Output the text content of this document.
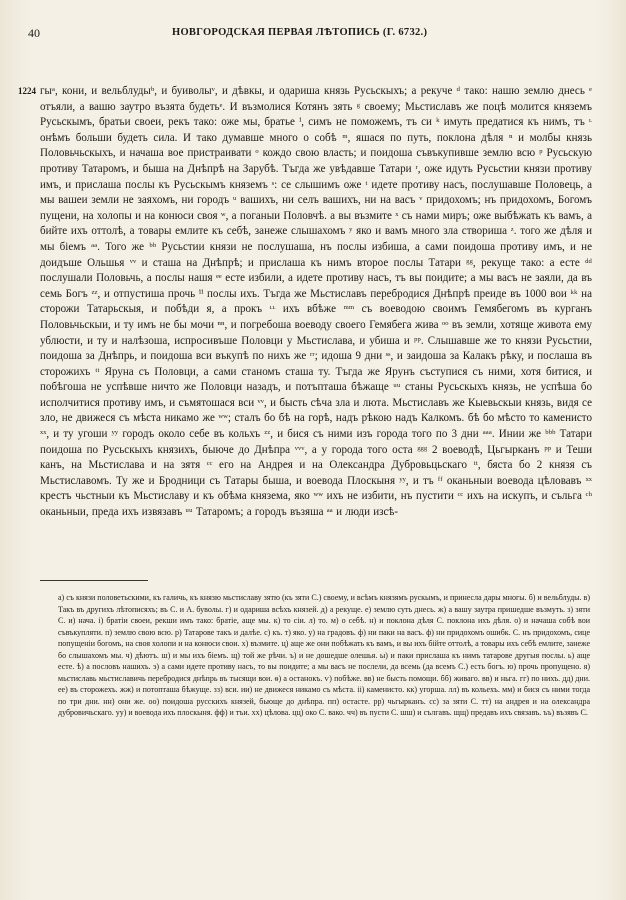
40	НОВГОРОДСКАЯ ПЕРВАЯ ЛѢТОПИСЬ (Г. 6732.)
1224 гыᵃ, кони, и вельблудыᵇ, и буиволыᵛ, и дѣвкы, и одариша князь Русьскыхъ; а рекуче ᵈ тако: нашю землю днесь ᵉ отъяли, а вашю заутро възята будетьᵉ. И възмолися Котянъ зять ᵍ своему; Мьстиславъ же поцѣ молится княземъ Русьскымъ, братьи своеи, рекъ тако: оже мы, братье ⁱ, симъ не поможемъ, тъ си ᵏ имуть предатися къ нимъ, тъ ᶫ онѣмъ больши будеть сила. И тако думавше много о собѣ ᵐ, яшася по путь, поклона дѣля ⁿ и молбы князь Половьчьскыхъ, и начаша вое пристраивати ᵒ кождо свою власть; и поидоша съвъкупивше землю всю ᵖ Русьскую противу Татаромъ, и быша на Днѣпрѣ на Зарубѣ. Тъгда же увѣдавше Татари ʳ, оже идуть Русьстии князи противу имъ, и прислаша послы къ Русьскымъ княземъ ˢ: се слышимъ оже ᵗ идете противу насъ, послушавше Половець, а мы вашеи земли не заяхомъ, ни городъ ᵘ вашихъ, ни селъ вашихъ, ни на васъ ᵛ придохомъ; нъ придохомъ, Богомъ пущени, на холопы и на конюси своя ʷ, а поганыи Половчѣ. а вы възмите ˣ съ нами миръ; оже выбѣжать къ вамъ, а бийте ихъ оттолѣ, а товары емлите къ себѣ, занеже слышахомъ ʸ яко и вамъ много зла створиша ᶻ. того же дѣля и мы біемъ ᵃᵃ. Того же ᵇᵇ Русьстии князи не послушаша, нъ послы избиша, а сами поидоша противу имъ, и не доидъше Ольшья ᵛᵛ и сташа на Днѣпрѣ; и прислаша къ нимъ второе послы Татари ᵍᵍ, рекуще тако: а есте ᵈᵈ послушали Половьчь, а послы нашя ᵉᵉ есте избили, а идете противу насъ, тъ вы поидите; а мы васъ не заяли, да въ семь Богъ ᶻᶻ, и отпустиша прочь ⁱⁱ послы ихъ. Тъгда же Мьстиславъ перебродися Днѣпрѣ преиде въ 1000 вои ᵏᵏ на сторожи Татарьскыя, и побѣди я, а прокъ ᶫᶫ ихъ вбѣже ᵐᵐ съ воеводою своимъ Гемябегомъ въ курганъ Половьчьскыи, и ту имъ не бы мочи ⁿⁿ, и погребоша воеводу своего Гемябега жива ᵒᵒ въ земли, хотяще живота ему ублюсти, и ту и налѣзоша, испросивъше Половци у Мьстислава, и убиша и ᵖᵖ. Слышавше же то князи Русьстии, поидоша за Днѣпрь, и поидоша вси въкупѣ по нихъ же ʳʳ; идоша 9 дни ˢˢ, и заидоша за Калакъ рѣку, и послаша въ сторожихъ ᵗᵗ Яруна съ Половци, а сами станомъ сташа ту. Тъгда же Ярунъ съступися съ ними, хотя битися, и побѣгоша не успѣвше ничто же Половци назадъ, и потъпташа бѣжаще ᵘᵘ станы Русьскыхъ князь, не успѣша бо исполчитися противу имъ, и съмятошася вси ᵛᵛ, и бысть сѣча зла и люта. Мьстиславъ же Кыевьскыи князь, видя се зло, не движеся съ мѣста никамо же ʷʷ; сталъ бо бѣ на горѣ, надъ рѣкою надъ Калкомъ. бѣ бо мѣсто то каменисто ˣˣ, и ту угоши ʸʸ городъ около себе въ кольхъ ᶻᶻ, и бися съ ними изъ города того по 3 дни ᵃᵃᵃ. Инии же ᵇᵇᵇ Татари поидоша по Русьскыхъ князихъ, быюче до Днѣпра ᵛᵛᵛ, а у города того оста ᵍᵍᵍ 2 воеводѣ, Цьгырканъ ᵖᵖ и Теши канъ, на Мьстислава и на зятя ᶜᶜ его на Андрея и на Олександра Дубровьцьскаго ᵗᵗ, бяста бо 2 князя съ Мьстиславомъ. Ту же и Бродници съ Татары быша, и воевода Плоскыня ʸʸ, и тъ ᶠᶠ оканьныи воевода цѣловавъ ˣˣ крестъ чьстныи къ Мьстиславу и къ обѣма князема, яко ʷʷ ихъ не избити, нъ пустити ᶜᶜ ихъ на искупъ, и съльга ᶜʰ оканьныи, преда ихъ извязавъ ᵘᵘ Татаромъ; а городъ възяша ᵃᵃ и люди изсѣ-
а) съ князи половетьскими, къ галичь, къ князю мьстиславу зятю (къ зяти С.) своему, и всѣмъ князямъ рускымъ, и принесла дары многы. б) и вельблуды. в) Такъ въ другихъ лѣтописяхъ; въ С. и А. буволы. г) и одариша всѣхъ князей. д) а рекуще. е) землю суть днесь. ж) а вашу заутра пришедше възмуть. з) зяти С. и) нача. і) братіи своеи, рекши имъ тако: братіе, аще мы. к) то сіи. л) то. м) о себѣ. н) и поклона дѣля С. поклона ихъ дѣля. о) и начаша собѣ вои съвъкупляти. п) землю свою всю. р) Татарове такъ и далѣе. с) къ. т) яко. у) на градовъ. ф) ни паки на васъ. ф) ни придохомъ ошибк. С. нъ придохомъ, сице попущеніи богомъ, на своя холопи и на конюси свои. х) възмите. ц) аще же они побѣжать къ вамъ, и вы ихъ бійте оттолѣ, а товары ихъ себѣ емлите, занеже бо слышахомъ мы. ч) дѣютъ. ш) и мы ихъ біемъ. щ) той же рѣчи. ъ) и не дошедше олешья. ы) и паки прислаша къ нимъ татарове другыя послы. ь) аще есте. ѣ) а пословъ нашихъ. э) а сами идете противу насъ, то вы поидите; а мы васъ не послели, да всемь (да всемъ С.) есть богъ. ю) прочь пропущено. я) мьстиславь мьстиславичь перебродися днѣпрь въ тысящи вои. ѳ) а останокъ. ѵ) побѣже. вв) не бысть помощи. бб) живаго. вв) и ньга. гг) по нихъ. дд) дни. ее) въ сторожехъ. жж) и потопташа бѣжуще. зз) вси. ии) не движеся никамо съ мѣста. іі) каменисто. кк) угорша. лл) въ кольехъ. мм) и бися съ ними тогда по три дни. нн) они же. оо) поидоша русскихъ князей, бьюще до днѣпра. пп) остасте. рр) чьгырканъ. сс) за зяти С. тт) на андрея и на олександра дубровичьскаго. уу) и воевода ихъ плоскыня. фф) и тъи. хх) цѣлова. цц) око С. вако. чч) въ пусти С. шш) и сългавъ. щщ) предавъ ихъ связавъ. ъъ) възявъ С.
